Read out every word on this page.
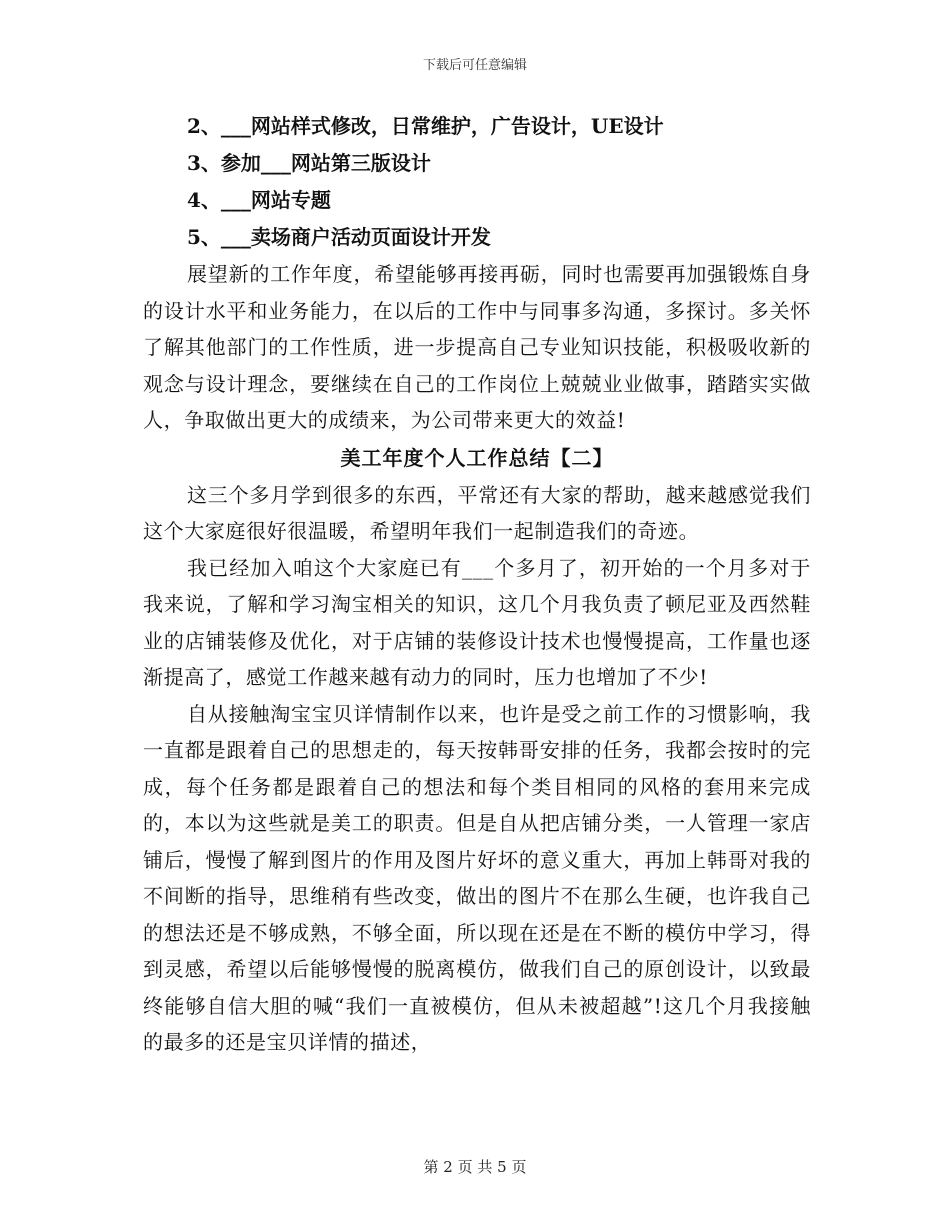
下载后可任意编辑
2、___网站样式修改，日常维护，广告设计，UE设计
3、参加___网站第三版设计
4、___网站专题
5、___卖场商户活动页面设计开发

展望新的工作年度，希望能够再接再砺，同时也需要再加强锻炼自身的设计水平和业务能力，在以后的工作中与同事多沟通，多探讨。多关怀了解其他部门的工作性质，进一步提高自己专业知识技能，积极吸收新的观念与设计理念，要继续在自己的工作岗位上兢兢业业做事，踏踏实实做人，争取做出更大的成绩来，为公司带来更大的效益!

美工年度个人工作总结【二】

这三个多月学到很多的东西，平常还有大家的帮助，越来越感觉我们这个大家庭很好很温暖，希望明年我们一起制造我们的奇迹。

我已经加入咱这个大家庭已有___个多月了，初开始的一个月多对于我来说，了解和学习淘宝相关的知识，这几个月我负责了顿尼亚及西然鞋业的店铺装修及优化，对于店铺的装修设计技术也慢慢提高，工作量也逐渐提高了，感觉工作越来越有动力的同时，压力也增加了不少!

自从接触淘宝宝贝详情制作以来，也许是受之前工作的习惯影响，我一直都是跟着自己的思想走的，每天按韩哥安排的任务，我都会按时的完成，每个任务都是跟着自己的想法和每个类目相同的风格的套用来完成的，本以为这些就是美工的职责。但是自从把店铺分类，一人管理一家店铺后，慢慢了解到图片的作用及图片好坏的意义重大，再加上韩哥对我的不间断的指导，思维稍有些改变，做出的图片不在那么生硬，也许我自己的想法还是不够成熟，不够全面，所以现在还是在不断的模仿中学习，得到灵感，希望以后能够慢慢的脱离模仿，做我们自己的原创设计，以致最终能够自信大胆的喊“我们一直被模仿，但从未被超越”!这几个月我接触的最多的还是宝贝详情的描述，

第 2 页 共 5 页
